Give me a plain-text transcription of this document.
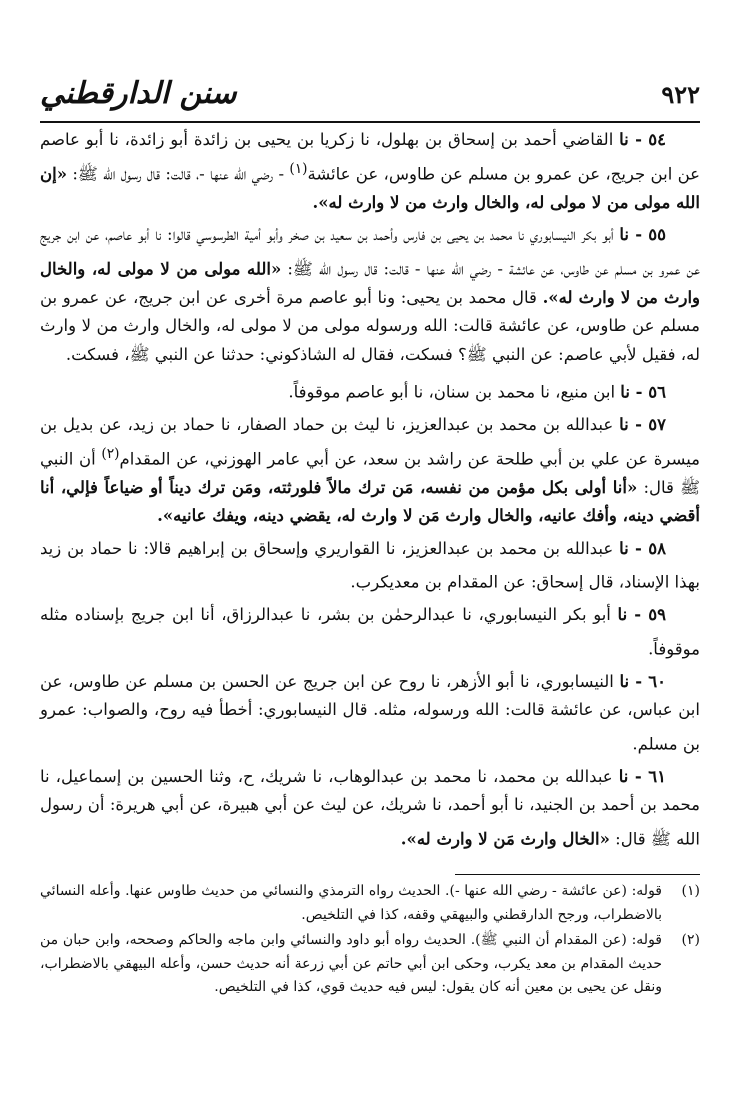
٩٢٢
سنن الدارقطني

٥٤ - نا القاضي أحمد بن إسحاق بن بهلول، نا زكريا بن يحيى بن زائدة أبو زائدة، نا أبو عاصم عن ابن جريج، عن عمرو بن مسلم عن طاوس، عن عائشة$^{(١)}$ - رضي الله عنها -، قالت: قال رسول الله ﷺ: «إن الله مولى من لا مولى له، والخال وارث من لا وارث له».

٥٥ - نا أبو بكر النيسابوري نا محمد بن يحيى بن فارس وأحمد بن سعيد بن صخر وأبو أمية الطرسوسي قالوا: نا أبو عاصم، عن ابن جريج عن عمرو بن مسلم عن طاوس، عن عائشة - رضي الله عنها - قالت: قال رسول الله ﷺ: «الله مولى من لا مولى له، والخال وارث من لا وارث له». قال محمد بن يحيى: ونا أبو عاصم مرة أخرى عن ابن جريج، عن عمرو بن مسلم عن طاوس، عن عائشة قالت: الله ورسوله مولى من لا مولى له، والخال وارث من لا وارث له، فقيل لأبي عاصم: عن النبي ﷺ؟ فسكت، فقال له الشاذكوني: حدثنا عن النبي ﷺ، فسكت.

٥٦ - نا ابن منيع، نا محمد بن سنان، نا أبو عاصم موقوفاً.

٥٧ - نا عبدالله بن محمد بن عبدالعزيز، نا ليث بن حماد الصفار، نا حماد بن زيد، عن بديل بن ميسرة عن علي بن أبي طلحة عن راشد بن سعد، عن أبي عامر الهوزني، عن المقدام$^{(٢)}$ أن النبي ﷺ قال: «أنا أولى بكل مؤمن من نفسه، مَن ترك مالاً فلورثته، ومَن ترك ديناً أو ضياعاً فإلي، أنا أقضي دينه، وأفك عانيه، والخال وارث مَن لا وارث له، يقضي دينه، ويفك عانيه».

٥٨ - نا عبدالله بن محمد بن عبدالعزيز، نا القواريري وإسحاق بن إبراهيم قالا: نا حماد بن زيد بهذا الإسناد، قال إسحاق: عن المقدام بن معديكرب.

٥٩ - نا أبو بكر النيسابوري، نا عبدالرحمٰن بن بشر، نا عبدالرزاق، أنا ابن جريج بإسناده مثله موقوفاً.

٦٠ - نا النيسابوري، نا أبو الأزهر، نا روح عن ابن جريج عن الحسن بن مسلم عن طاوس، عن ابن عباس، عن عائشة قالت: الله ورسوله، مثله. قال النيسابوري: أخطأ فيه روح، والصواب: عمرو بن مسلم.

٦١ - نا عبدالله بن محمد، نا محمد بن عبدالوهاب، نا شريك، ح، وثنا الحسين بن إسماعيل، نا محمد بن أحمد بن الجنيد، نا أبو أحمد، نا شريك، عن ليث عن أبي هبيرة، عن أبي هريرة: أن رسول الله ﷺ قال: «الخال وارث مَن لا وارث له».

(١)
قوله: (عن عائشة - رضي الله عنها -). الحديث رواه الترمذي والنسائي من حديث طاوس عنها. وأعله النسائي بالاضطراب، ورجح الدارقطني والبيهقي وقفه، كذا في التلخيص.
(٢)
قوله: (عن المقدام أن النبي ﷺ). الحديث رواه أبو داود والنسائي وابن ماجه والحاكم وصححه، وابن حبان من حديث المقدام بن معد يكرب، وحكى ابن أبي حاتم عن أبي زرعة أنه حديث حسن، وأعله البيهقي بالاضطراب، ونقل عن يحيى بن معين أنه كان يقول: ليس فيه حديث قوي، كذا في التلخيص.
